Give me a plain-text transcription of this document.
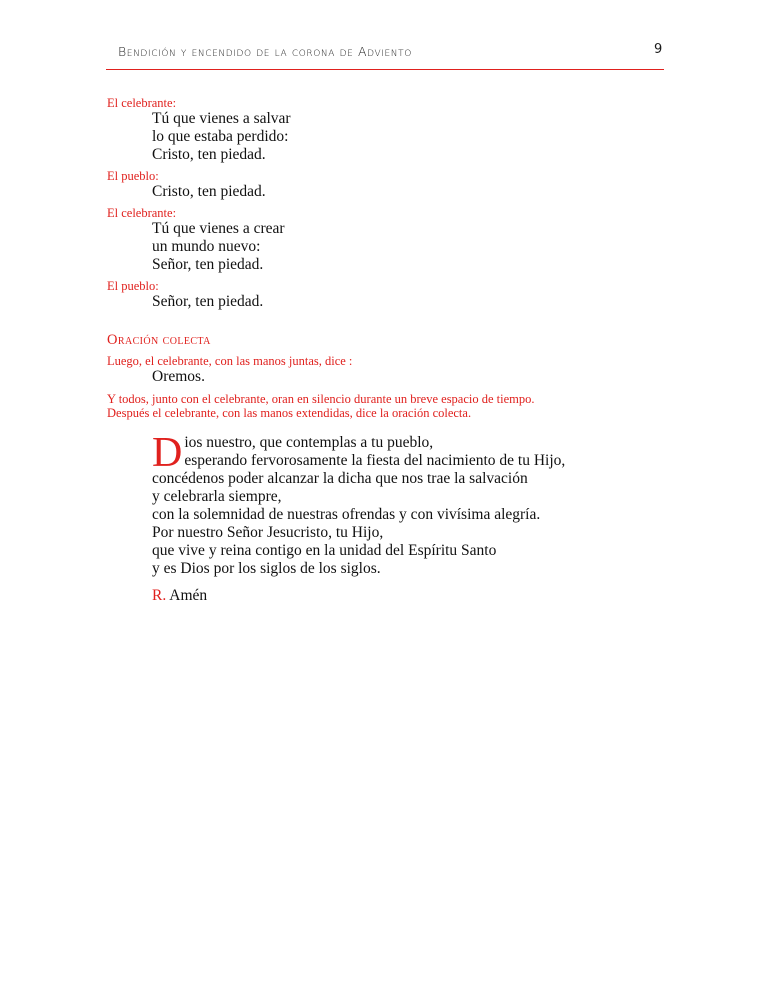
Bendición y encendido de la corona de Adviento	9
El celebrante:
Tú que vienes a salvar
lo que estaba perdido:
Cristo, ten piedad.
El pueblo:
Cristo, ten piedad.
El celebrante:
Tú que vienes a crear
un mundo nuevo:
Señor, ten piedad.
El pueblo:
Señor, ten piedad.
Oración colecta
Luego, el celebrante, con las manos juntas, dice :
Oremos.
Y todos, junto con el celebrante, oran en silencio durante un breve espacio de tiempo.
Después el celebrante, con las manos extendidas, dice la oración colecta.
D ios nuestro, que contemplas a tu pueblo,
esperando fervorosamente la fiesta del nacimiento de tu Hijo,
concédenos poder alcanzar la dicha que nos trae la salvación
y celebrarla siempre,
con la solemnidad de nuestras ofrendas y con vivísima alegría.
Por nuestro Señor Jesucristo, tu Hijo,
que vive y reina contigo en la unidad del Espíritu Santo
y es Dios por los siglos de los siglos.
R. Amén
